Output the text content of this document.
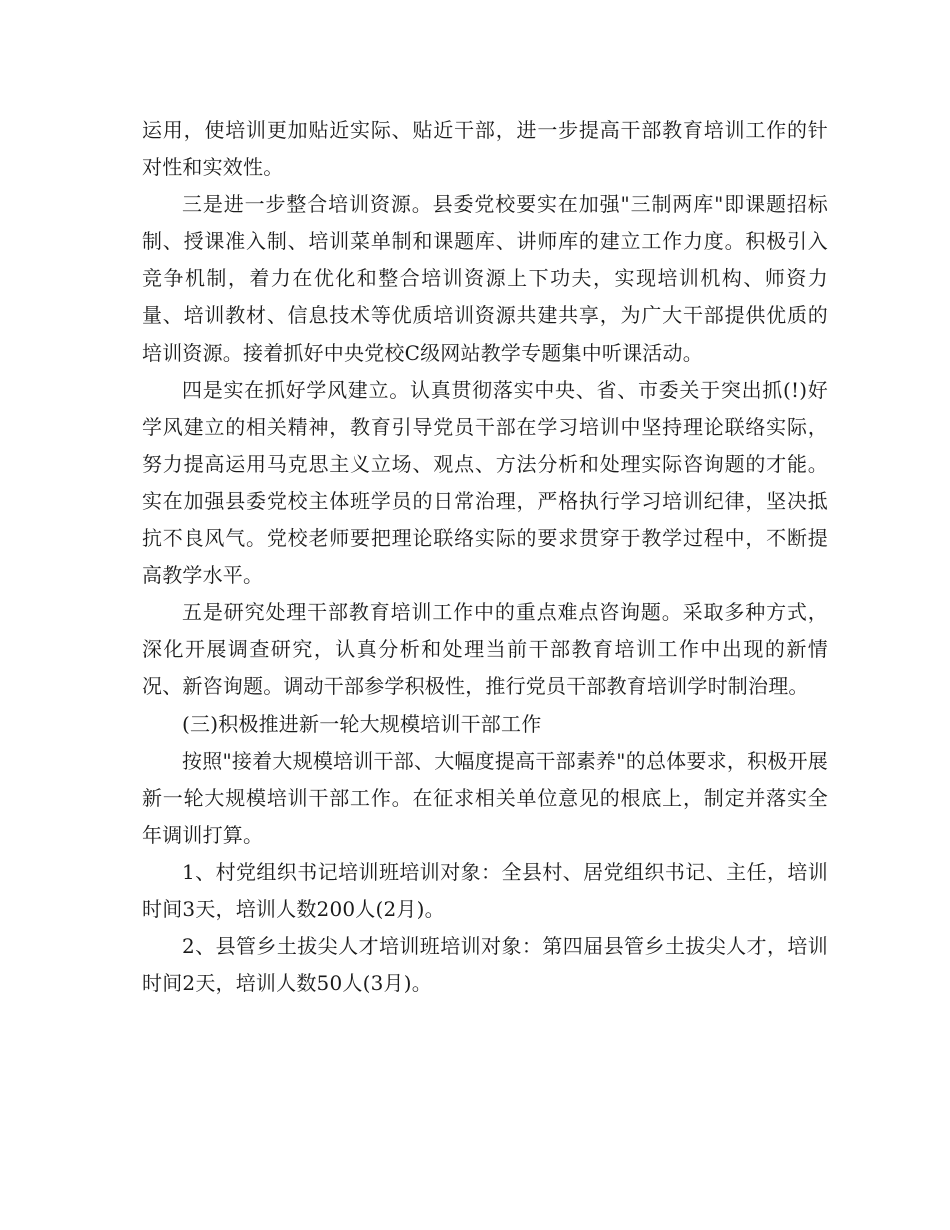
运用，使培训更加贴近实际、贴近干部，进一步提高干部教育培训工作的针对性和实效性。

三是进一步整合培训资源。县委党校要实在加强"三制两库"即课题招标制、授课准入制、培训菜单制和课题库、讲师库的建立工作力度。积极引入竞争机制，着力在优化和整合培训资源上下功夫，实现培训机构、师资力量、培训教材、信息技术等优质培训资源共建共享，为广大干部提供优质的培训资源。接着抓好中央党校C级网站教学专题集中听课活动。

四是实在抓好学风建立。认真贯彻落实中央、省、市委关于突出抓(!)好学风建立的相关精神，教育引导党员干部在学习培训中坚持理论联络实际，努力提高运用马克思主义立场、观点、方法分析和处理实际咨询题的才能。实在加强县委党校主体班学员的日常治理，严格执行学习培训纪律，坚决抵抗不良风气。党校老师要把理论联络实际的要求贯穿于教学过程中，不断提高教学水平。

五是研究处理干部教育培训工作中的重点难点咨询题。采取多种方式，深化开展调查研究，认真分析和处理当前干部教育培训工作中出现的新情况、新咨询题。调动干部参学积极性，推行党员干部教育培训学时制治理。

(三)积极推进新一轮大规模培训干部工作

按照"接着大规模培训干部、大幅度提高干部素养"的总体要求，积极开展新一轮大规模培训干部工作。在征求相关单位意见的根底上，制定并落实全年调训打算。

1、村党组织书记培训班培训对象：全县村、居党组织书记、主任，培训时间3天，培训人数200人(2月)。

2、县管乡土拔尖人才培训班培训对象：第四届县管乡土拔尖人才，培训时间2天，培训人数50人(3月)。
